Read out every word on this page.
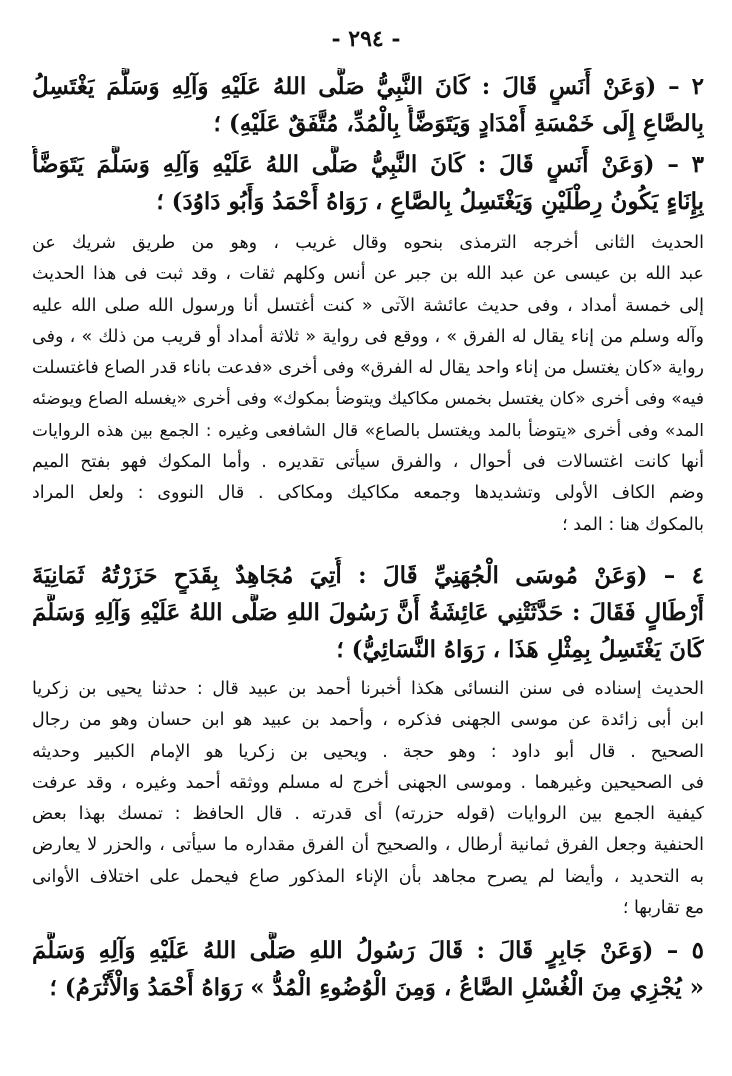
- ٢٩٤ -
٢ – (وَعَنْ أَنَسٍ قَالَ : كَانَ النَّبِيُّ صَلَّى اللهُ عَلَيْهِ وَآلِهِ وَسَلَّمَ يَغْتَسِلُ
بِالصَّاعِ إِلَى خَمْسَةِ أَمْدَادٍ وَيَتَوَضَّأُ بِالْمُدِّ، مُتَّفَقٌ عَلَيْهِ) ؛
٣ – (وَعَنْ أَنَسٍ قَالَ : كَانَ النَّبِيُّ صَلَّى اللهُ عَلَيْهِ وَآلِهِ وَسَلَّمَ يَتَوَضَّأُ
بِإِنَاءٍ يَكُونُ رِطْلَيْنِ وَيَغْتَسِلُ بِالصَّاعِ ، رَوَاهُ أَحْمَدُ وَأَبُو دَاوُدَ) ؛
الحديث الثانى أخرجه الترمذى بنحوه وقال غريب ، وهو من طريق شريك عن
عبد الله بن عيسى عن عبد الله بن جبر عن أنس وكلهم ثقات ، وقد ثبت فى هذا الحديث
إلى خمسة أمداد ، وفى حديث عائشة الآتى « كنت أغتسل أنا ورسول الله صلى الله عليه
وآله وسلم من إناء يقال له الفرق » ، ووقع فى رواية « ثلاثة أمداد أو قريب من ذلك » ، وفى
رواية «كان يغتسل من إناء واحد يقال له الفرق» وفى أخرى «فدعت باناء قدر الصاع فاغتسلت
فيه» وفى أخرى «كان يغتسل بخمس مكاكيك ويتوضأ بمكوك» وفى أخرى «يغسله الصاع ويوضئه
المد» وفى أخرى «يتوضأ بالمد ويغتسل بالصاع» قال الشافعى وغيره : الجمع بين هذه الروايات
أنها كانت اغتسالات فى أحوال ، والفرق سيأتى تقديره . وأما المكوك فهو بفتح الميم
وضم الكاف الأولى وتشديدها وجمعه مكاكيك ومكاكى . قال النووى : ولعل المراد
بالمكوك هنا : المد ؛
٤ – (وَعَنْ مُوسَى الْجُهَنِيِّ قَالَ : أُتِيَ مُجَاهِدٌ بِقَدَحٍ حَزَرْتُهُ ثَمَانِيَةَ
أَرْطَالٍ فَقَالَ : حَدَّثَتْنِي عَائِشَةُ أَنَّ رَسُولَ اللهِ صَلَّى اللهُ عَلَيْهِ وَآلِهِ وَسَلَّمَ
كَانَ يَغْتَسِلُ بِمِثْلِ هَذَا ، رَوَاهُ النَّسَائِيُّ) ؛
الحديث إسناده فى سنن النسائى هكذا أخبرنا أحمد بن عبيد قال : حدثنا يحيى بن زكريا
ابن أبى زائدة عن موسى الجهنى فذكره ، وأحمد بن عبيد هو ابن حسان وهو من رجال
الصحيح . قال أبو داود : وهو حجة . ويحيى بن زكريا هو الإمام الكبير وحديثه
فى الصحيحين وغيرهما . وموسى الجهنى أخرج له مسلم ووثقه أحمد وغيره ، وقد عرفت
كيفية الجمع بين الروايات (قوله حزرته) أى قدرته . قال الحافظ : تمسك بهذا بعض
الحنفية وجعل الفرق ثمانية أرطال ، والصحيح أن الفرق مقداره ما سيأتى ، والحزر لا يعارض
به التحديد ، وأيضا لم يصرح مجاهد بأن الإناء المذكور صاع فيحمل على اختلاف الأوانى
مع تقاربها ؛
٥ – (وَعَنْ جَابِرٍ قَالَ : قَالَ رَسُولُ اللهِ صَلَّى اللهُ عَلَيْهِ وَآلِهِ وَسَلَّمَ
« يُجْزِي مِنَ الْغُسْلِ الصَّاعُ ، وَمِنَ الْوُضُوءِ الْمُدُّ » رَوَاهُ أَحْمَدُ وَالْأَثْرَمُ) ؛
